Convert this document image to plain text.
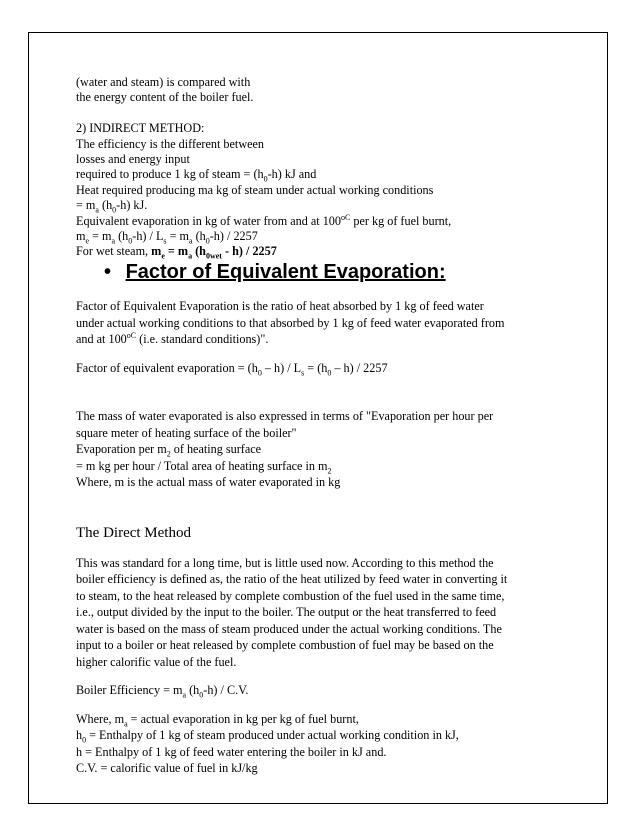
(water and steam) is compared with

the energy content of the boiler fuel.

2) INDIRECT METHOD:

The efficiency is the different between

losses and energy input

required to produce 1 kg of steam = $(h_0-h)$ kJ and

Heat required producing ma kg of steam under actual working conditions

= $m_a$ $(h_0-h)$ kJ.

Equivalent evaporation in kg of water from and at $100^{oC}$ per kg of fuel burnt,

$m_e = m_a$ $(h_0-h) / L_s = m_a$ $(h_0-h) / 2257$

For wet steam, $m_e = m_a$ $(h_{0wet} - h) / 2257$

• Factor of Equivalent Evaporation:

Factor of Equivalent Evaporation is the ratio of heat absorbed by 1 kg of feed water

under actual working conditions to that absorbed by 1 kg of feed water evaporated from

and at $100^{oC}$ (i.e. standard conditions)".

Factor of equivalent evaporation = $(h_0 - h) / L_s = (h_0 - h) / 2257$

The mass of water evaporated is also expressed in terms of "Evaporation per hour per

square meter of heating surface of the boiler"

Evaporation per $m_2$ of heating surface

= m kg per hour / Total area of heating surface in $m_2$

Where, m is the actual mass of water evaporated in kg

The Direct Method

This was standard for a long time, but is little used now. According to this method the

boiler efficiency is defined as, the ratio of the heat utilized by feed water in converting it

to steam, to the heat released by complete combustion of the fuel used in the same time,

i.e., output divided by the input to the boiler. The output or the heat transferred to feed

water is based on the mass of steam produced under the actual working conditions. The

input to a boiler or heat released by complete combustion of fuel may be based on the

higher calorific value of the fuel.

Boiler Efficiency = $m_a$ $(h_0-h) / C.V$.

Where, $m_a$ = actual evaporation in kg per kg of fuel burnt,

$h_0$ = Enthalpy of 1 kg of steam produced under actual working condition in kJ,

h = Enthalpy of 1 kg of feed water entering the boiler in kJ and.

C.V. = calorific value of fuel in kJ/kg
